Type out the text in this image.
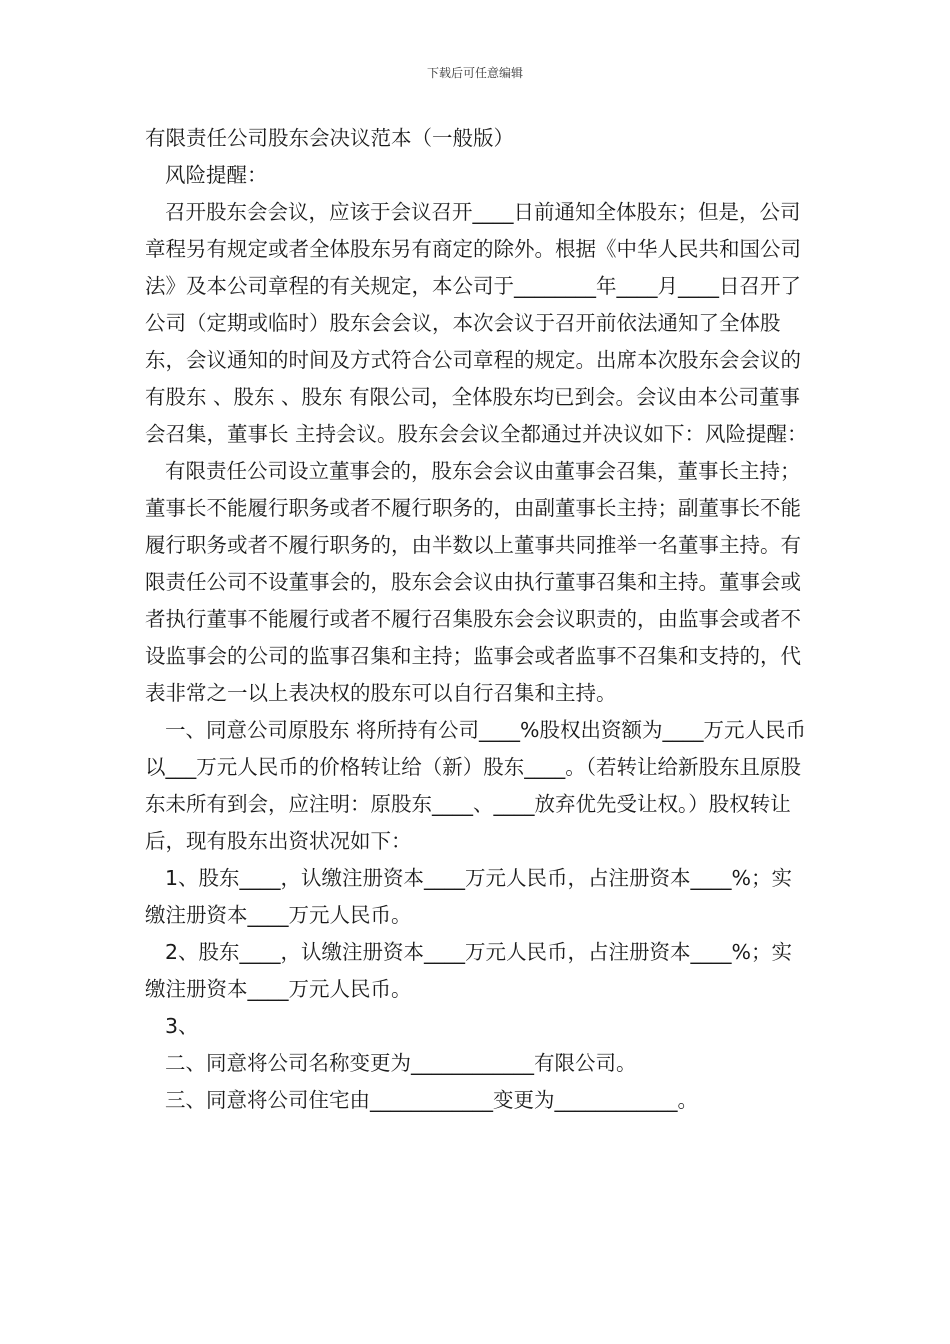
下载后可任意编辑

有限责任公司股东会决议范本（一般版）

风险提醒：

召开股东会会议，应该于会议召开____日前通知全体股东；但是，公司章程另有规定或者全体股东另有商定的除外。根据《中华人民共和国公司法》及本公司章程的有关规定，本公司于________年____月____日召开了公司（定期或临时）股东会会议，本次会议于召开前依法通知了全体股东，会议通知的时间及方式符合公司章程的规定。出席本次股东会会议的有股东 、股东 、股东 有限公司，全体股东均已到会。会议由本公司董事会召集，董事长 主持会议。股东会会议全都通过并决议如下：风险提醒：

有限责任公司设立董事会的，股东会会议由董事会召集，董事长主持；董事长不能履行职务或者不履行职务的，由副董事长主持；副董事长不能履行职务或者不履行职务的，由半数以上董事共同推举一名董事主持。有限责任公司不设董事会的，股东会会议由执行董事召集和主持。董事会或者执行董事不能履行或者不履行召集股东会会议职责的，由监事会或者不设监事会的公司的监事召集和主持；监事会或者监事不召集和支持的，代表非常之一以上表决权的股东可以自行召集和主持。

一、同意公司原股东 将所持有公司____%股权出资额为____万元人民币以___万元人民币的价格转让给（新）股东____。（若转让给新股东且原股东未所有到会，应注明：原股东____、____放弃优先受让权。）股权转让后，现有股东出资状况如下：

1、股东____，认缴注册资本____万元人民币，占注册资本____%；实缴注册资本____万元人民币。

2、股东____，认缴注册资本____万元人民币，占注册资本____%；实缴注册资本____万元人民币。

3、

二、同意将公司名称变更为____________有限公司。

三、同意将公司住宅由____________变更为____________。
